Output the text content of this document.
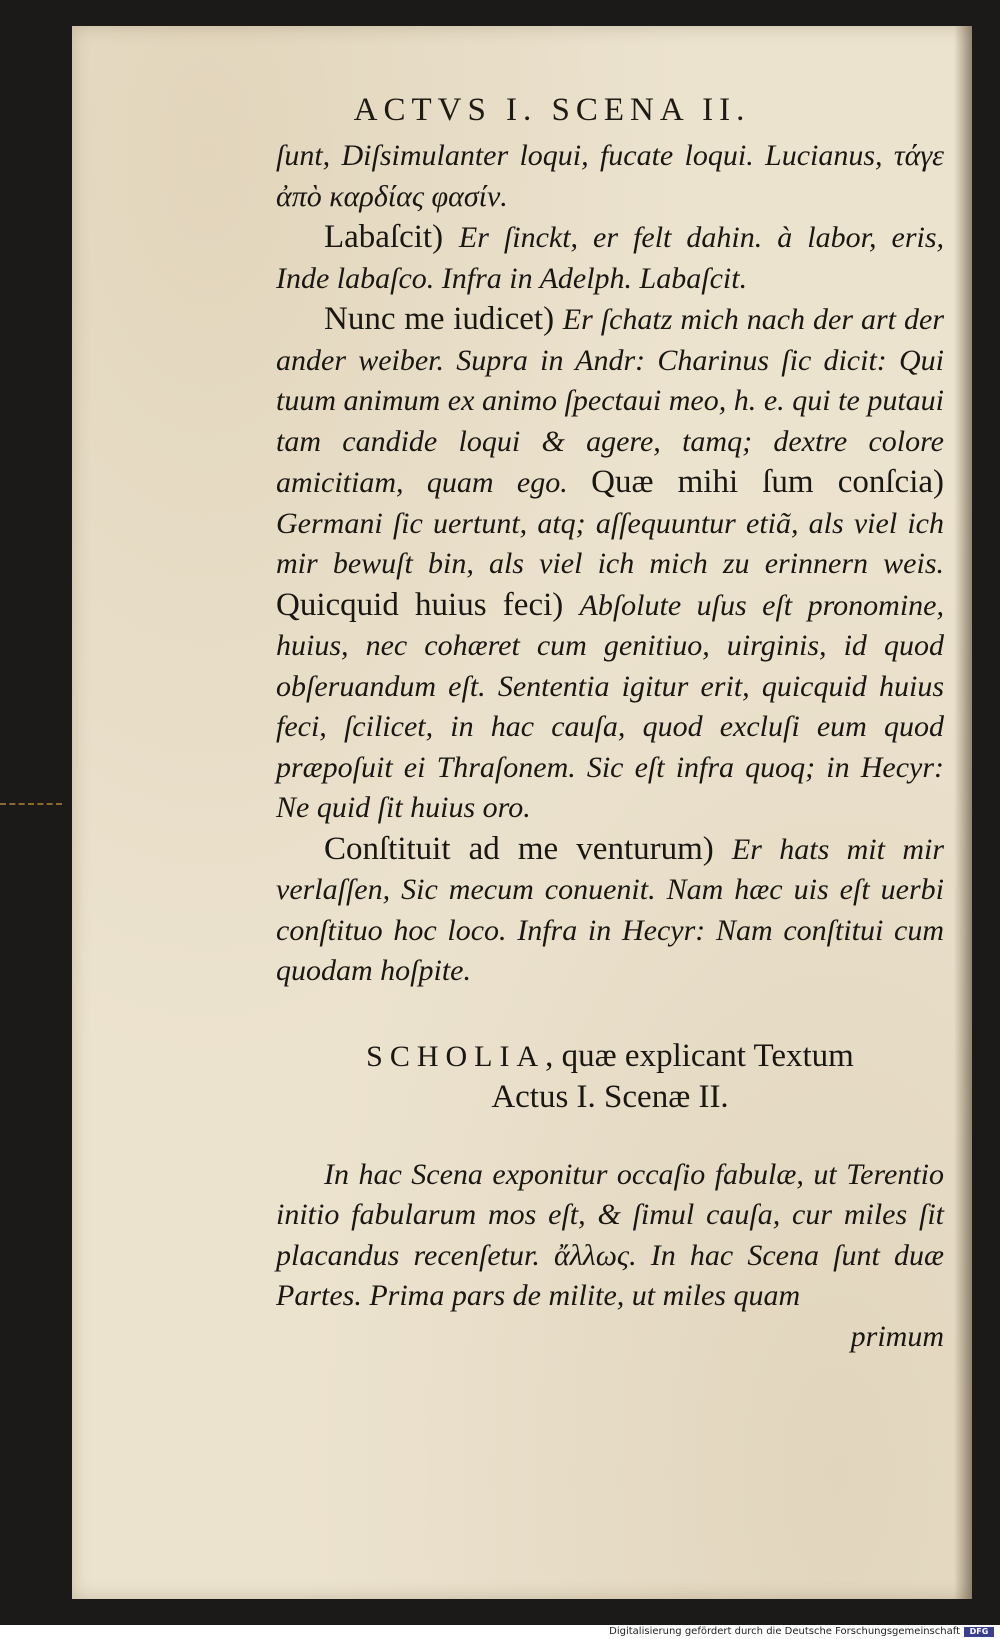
ACTVS I. SCENA II.

ſunt, Diſsimulanter loqui, fucate loqui. Lucianus, τάγε ἀπὸ καρδίας φασίν.

Labaſcit) Er ſinckt, er felt dahin. à labor, eris, Inde labaſco. Infra in Adelph. Labaſcit.

Nunc me iudicet) Er ſchatz mich nach der art der ander weiber. Supra in Andr: Charinus ſic dicit: Qui tuum animum ex animo ſpectaui meo, h. e. qui te putaui tam candide loqui & agere, tamq; dextre colore amicitiam, quam ego. Quæ mihi ſum conſcia) Germani ſic uertunt, atq; aſſequuntur etiã, als viel ich mir bewuſt bin, als viel ich mich zu erinnern weis. Quicquid huius feci) Abſolute uſus eſt pronomine, huius, nec cohæret cum genitiuo, uirginis, id quod obſeruandum eſt. Sententia igitur erit, quicquid huius feci, ſcilicet, in hac cauſa, quod excluſi eum quod præpoſuit ei Thraſonem. Sic eſt infra quoq; in Hecyr: Ne quid ſit huius oro.

Conſtituit ad me venturum) Er hats mit mir verlaſſen, Sic mecum conuenit. Nam hæc uis eſt uerbi conſtituo hoc loco. Infra in Hecyr: Nam conſtitui cum quodam hoſpite.

SCHOLIA, quæ explicant Textum
Actus I. Scenæ II.

In hac Scena exponitur occaſio fabulæ, ut Terentio initio fabularum mos eſt, & ſimul cauſa, cur miles ſit placandus recenſetur. ἄλλως. In hac Scena ſunt duæ Partes. Prima pars de milite, ut miles quam

primum

Digitalisierung gefördert durch die Deutsche Forschungsgemeinschaft	DFG
